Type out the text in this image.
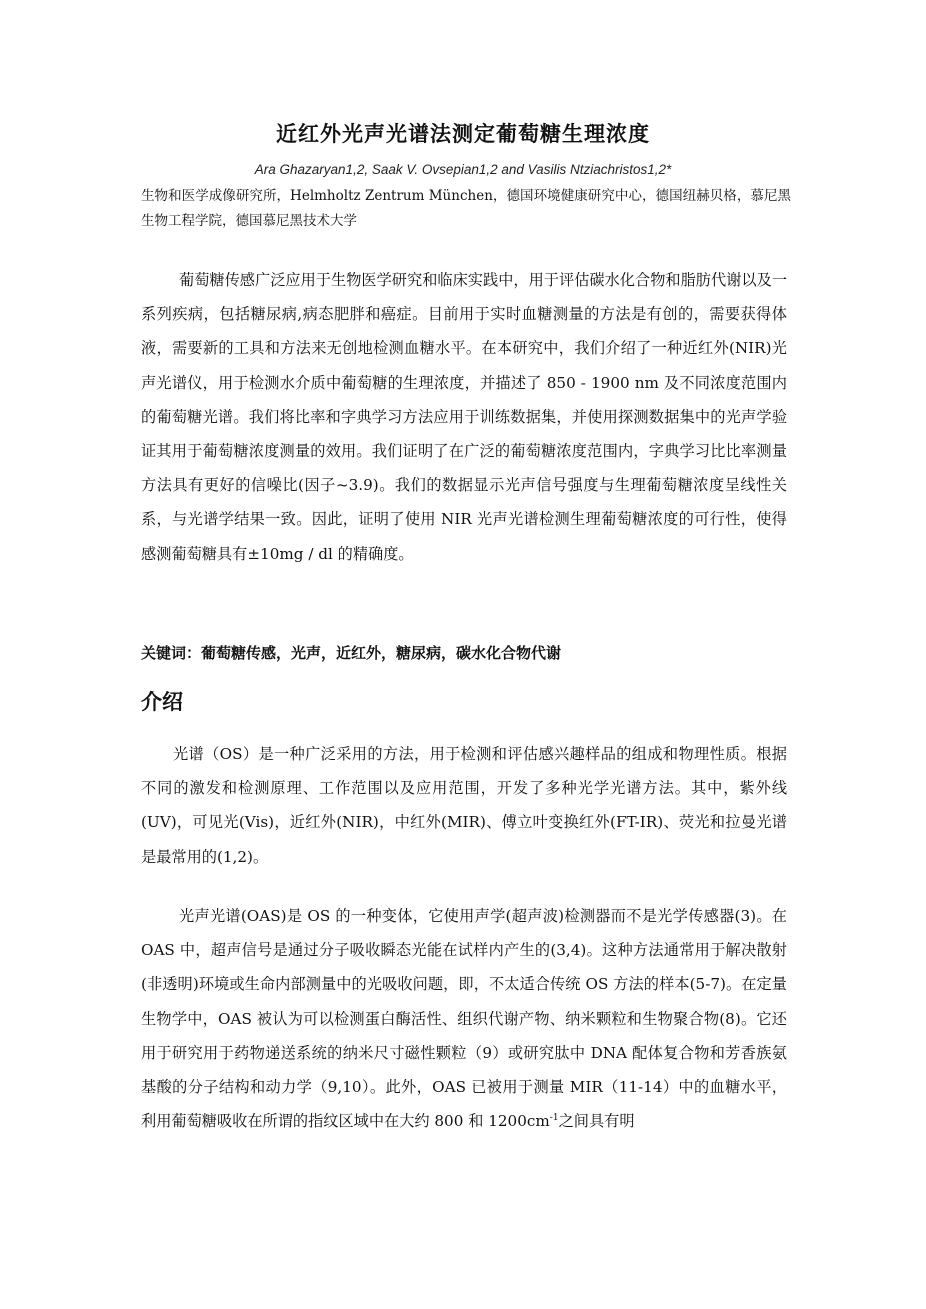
近红外光声光谱法测定葡萄糖生理浓度
Ara Ghazaryan1,2, Saak V. Ovsepian1,2 and Vasilis Ntziachristos1,2*
生物和医学成像研究所，Helmholtz Zentrum München，德国环境健康研究中心，德国纽赫贝格，慕尼黑生物工程学院，德国慕尼黑技术大学
葡萄糖传感广泛应用于生物医学研究和临床实践中，用于评估碳水化合物和脂肪代谢以及一系列疾病，包括糖尿病,病态肥胖和癌症。目前用于实时血糖测量的方法是有创的，需要获得体液，需要新的工具和方法来无创地检测血糖水平。在本研究中，我们介绍了一种近红外(NIR)光声光谱仪，用于检测水介质中葡萄糖的生理浓度，并描述了 850 - 1900 nm 及不同浓度范围内的葡萄糖光谱。我们将比率和字典学习方法应用于训练数据集，并使用探测数据集中的光声学验证其用于葡萄糖浓度测量的效用。我们证明了在广泛的葡萄糖浓度范围内，字典学习比比率测量方法具有更好的信噪比(因子~3.9)。我们的数据显示光声信号强度与生理葡萄糖浓度呈线性关系，与光谱学结果一致。因此，证明了使用 NIR 光声光谱检测生理葡萄糖浓度的可行性，使得感测葡萄糖具有±10mg / dl 的精确度。
关键词：葡萄糖传感，光声，近红外，糖尿病，碳水化合物代谢
介绍
光谱（OS）是一种广泛采用的方法，用于检测和评估感兴趣样品的组成和物理性质。根据不同的激发和检测原理、工作范围以及应用范围，开发了多种光学光谱方法。其中，紫外线(UV)，可见光(Vis)，近红外(NIR)，中红外(MIR)、傅立叶变换红外(FT-IR)、荧光和拉曼光谱是最常用的(1,2)。
光声光谱(OAS)是 OS 的一种变体，它使用声学(超声波)检测器而不是光学传感器(3)。在 OAS 中，超声信号是通过分子吸收瞬态光能在试样内产生的(3,4)。这种方法通常用于解决散射(非透明)环境或生命内部测量中的光吸收问题，即，不太适合传统 OS 方法的样本(5-7)。在定量生物学中，OAS 被认为可以检测蛋白酶活性、组织代谢产物、纳米颗粒和生物聚合物(8)。它还用于研究用于药物递送系统的纳米尺寸磁性颗粒（9）或研究肽中 DNA 配体复合物和芳香族氨基酸的分子结构和动力学（9,10）。此外，OAS 已被用于测量 MIR（11-14）中的血糖水平，利用葡萄糖吸收在所谓的指纹区域中在大约 800 和 $1200cm^{-1}$之间具有明
